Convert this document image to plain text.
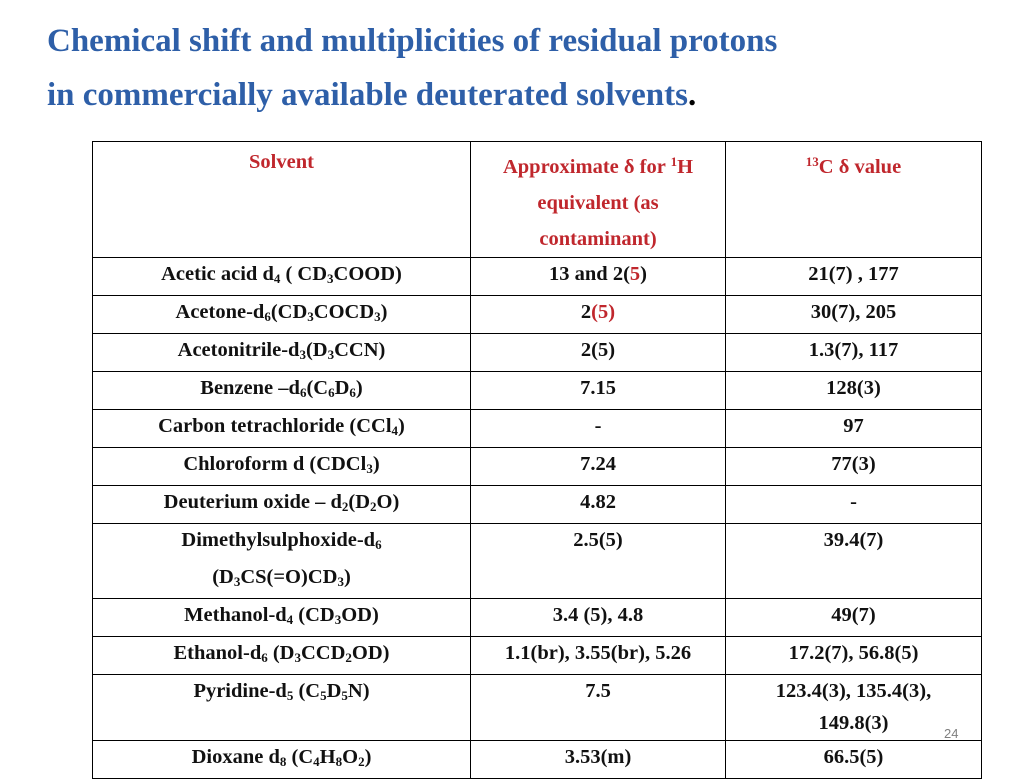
Chemical shift and multiplicities of residual protons
in commercially available deuterated solvents.
Solvent	Approximate δ for $^1$H
equivalent (as
contaminant)	$^{13}$C δ value
Acetic acid $d_4$ ( $CD_3COOD$)	13 and 2(5)	21(7) , 177
Acetone-$d_6(CD_3COCD_3)$	2(5)	30(7), 205
Acetonitrile-$d_3(D_3CCN)$	2(5)	1.3(7), 117
Benzene $-d_6(C_6D_6)$	7.15	128(3)
Carbon tetrachloride (CCl$_4$)	-	97
Chloroform d (CDCl$_3$)	7.24	77(3)
Deuterium oxide – $d_2(D_2O)$	4.82	-
Dimethylsulphoxide-$d_6$
$(D_3CS(=O)CD_3)$	2.5(5)	39.4(7)
Methanol-$d_4$ $(CD_3OD)$	3.4 (5), 4.8	49(7)
Ethanol-$d_6$ $(D_3CCD_2OD)$	1.1(br), 3.55(br), 5.26	17.2(7), 56.8(5)
Pyridine-$d_5$ $(C_5D_5N)$	7.5	123.4(3), 135.4(3),
149.8(3)
Dioxane $d_8$ $(C_4H_8O_2)$	3.53(m)	66.5(5)
24
